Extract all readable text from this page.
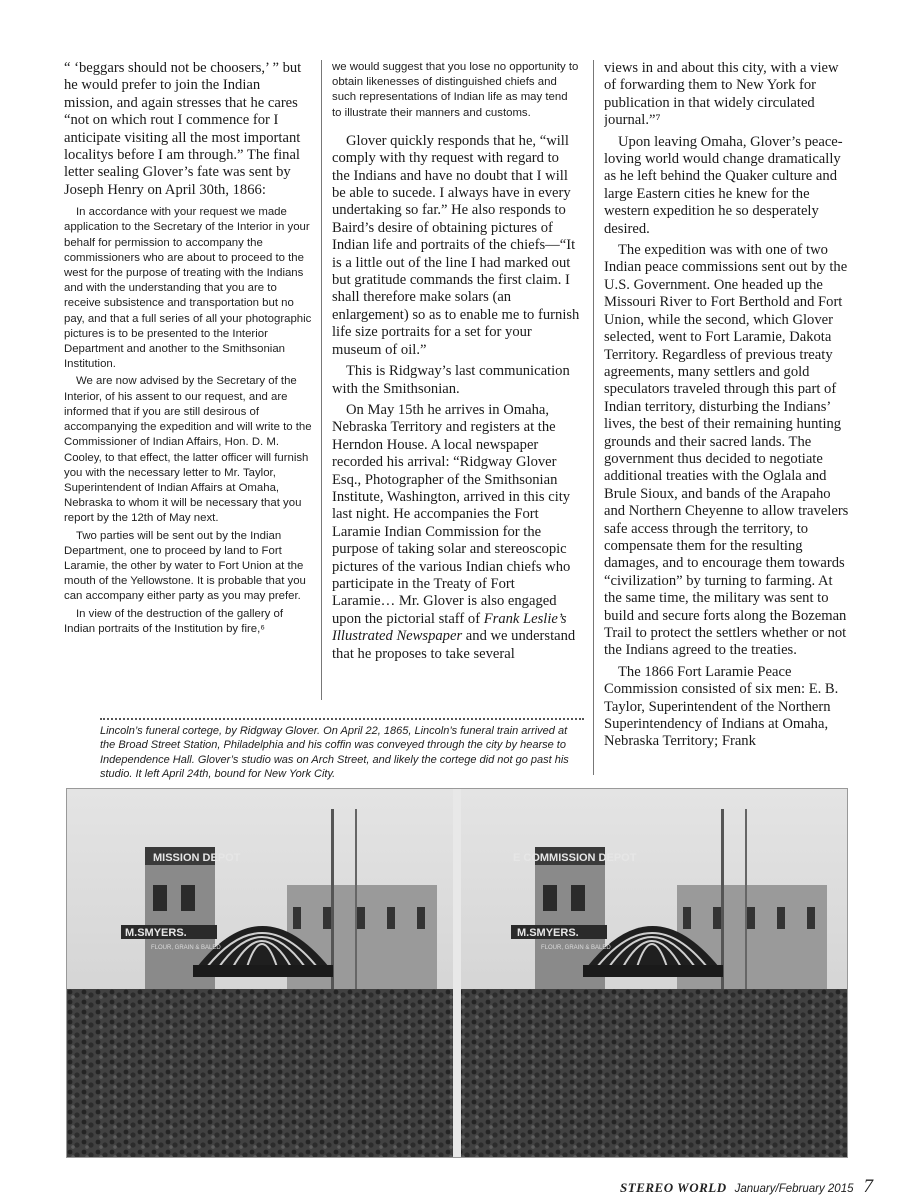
“ ‘beggars should not be choosers,’ ” but he would prefer to join the Indian mission, and again stresses that he cares “not on which rout I commence for I anticipate visiting all the most important localitys before I am through.” The final letter sealing Glover’s fate was sent by Joseph Henry on April 30th, 1866:

In accordance with your request we made application to the Secretary of the Interior in your behalf for permission to accompany the commissioners who are about to proceed to the west for the purpose of treating with the Indians and with the understanding that you are to receive subsistence and transportation but no pay, and that a full series of all your photographic pictures is to be presented to the Interior Department and another to the Smithsonian Institution.

We are now advised by the Secretary of the Interior, of his assent to our request, and are informed that if you are still desirous of accompanying the expedition and will write to the Commissioner of Indian Affairs, Hon. D. M. Cooley, to that effect, the latter officer will furnish you with the necessary letter to Mr. Taylor, Superintendent of Indian Affairs at Omaha, Nebraska to whom it will be necessary that you report by the 12th of May next.

Two parties will be sent out by the Indian Department, one to proceed by land to Fort Laramie, the other by water to Fort Union at the mouth of the Yellowstone. It is probable that you can accompany either party as you may prefer.

In view of the destruction of the gallery of Indian portraits of the Institution by fire,⁶

we would suggest that you lose no opportunity to obtain likenesses of distinguished chiefs and such representations of Indian life as may tend to illustrate their manners and customs.

Glover quickly responds that he, “will comply with thy request with regard to the Indians and have no doubt that I will be able to sucede. I always have in every undertaking so far.” He also responds to Baird’s desire of obtaining pictures of Indian life and portraits of the chiefs—“It is a little out of the line I had marked out but gratitude commands the first claim. I shall therefore make solars (an enlargement) so as to enable me to furnish life size portraits for a set for your museum of oil.”

This is Ridgway’s last communication with the Smithsonian.

On May 15th he arrives in Omaha, Nebraska Territory and registers at the Herndon House. A local newspaper recorded his arrival: “Ridgway Glover Esq., Photographer of the Smithsonian Institute, Washington, arrived in this city last night. He accompanies the Fort Laramie Indian Commission for the purpose of taking solar and stereoscopic pictures of the various Indian chiefs who participate in the Treaty of Fort Laramie… Mr. Glover is also engaged upon the pictorial staff of Frank Leslie’s Illustrated Newspaper and we understand that he proposes to take several

views in and about this city, with a view of forwarding them to New York for publication in that widely circulated journal.”⁷

Upon leaving Omaha, Glover’s peace-loving world would change dramatically as he left behind the Quaker culture and large Eastern cities he knew for the western expedition he so desperately desired.

The expedition was with one of two Indian peace commissions sent out by the U.S. Government. One headed up the Missouri River to Fort Berthold and Fort Union, while the second, which Glover selected, went to Fort Laramie, Dakota Territory. Regardless of previous treaty agreements, many settlers and gold speculators traveled through this part of Indian territory, disturbing the Indians’ lives, the best of their remaining hunting grounds and their sacred lands. The government thus decided to negotiate additional treaties with the Oglala and Brule Sioux, and bands of the Arapaho and Northern Cheyenne to allow travelers safe access through the territory, to compensate them for the resulting damages, and to encourage them towards “civilization” by turning to farming. At the same time, the military was sent to build and secure forts along the Bozeman Trail to protect the settlers whether or not the Indians agreed to the treaties.

The 1866 Fort Laramie Peace Commission consisted of six men: E. B. Taylor, Superintendent of the Northern Superintendency of Indians at Omaha, Nebraska Territory; Frank

Lincoln’s funeral cortege, by Ridgway Glover. On April 22, 1865, Lincoln’s funeral train arrived at the Broad Street Station, Philadelphia and his coffin was conveyed through the city by hearse to Independence Hall. Glover’s studio was on Arch Street, and likely the cortege did not go past his studio. It left April 24th, bound for New York City.
MISSION DEPOT	E COMMISSION DEPOT
M.SMYERS.	M.SMYERS.
FLOUR, GRAIN & BALED	FLOUR, GRAIN & BALED
STEREO WORLD January/February 2015 7
